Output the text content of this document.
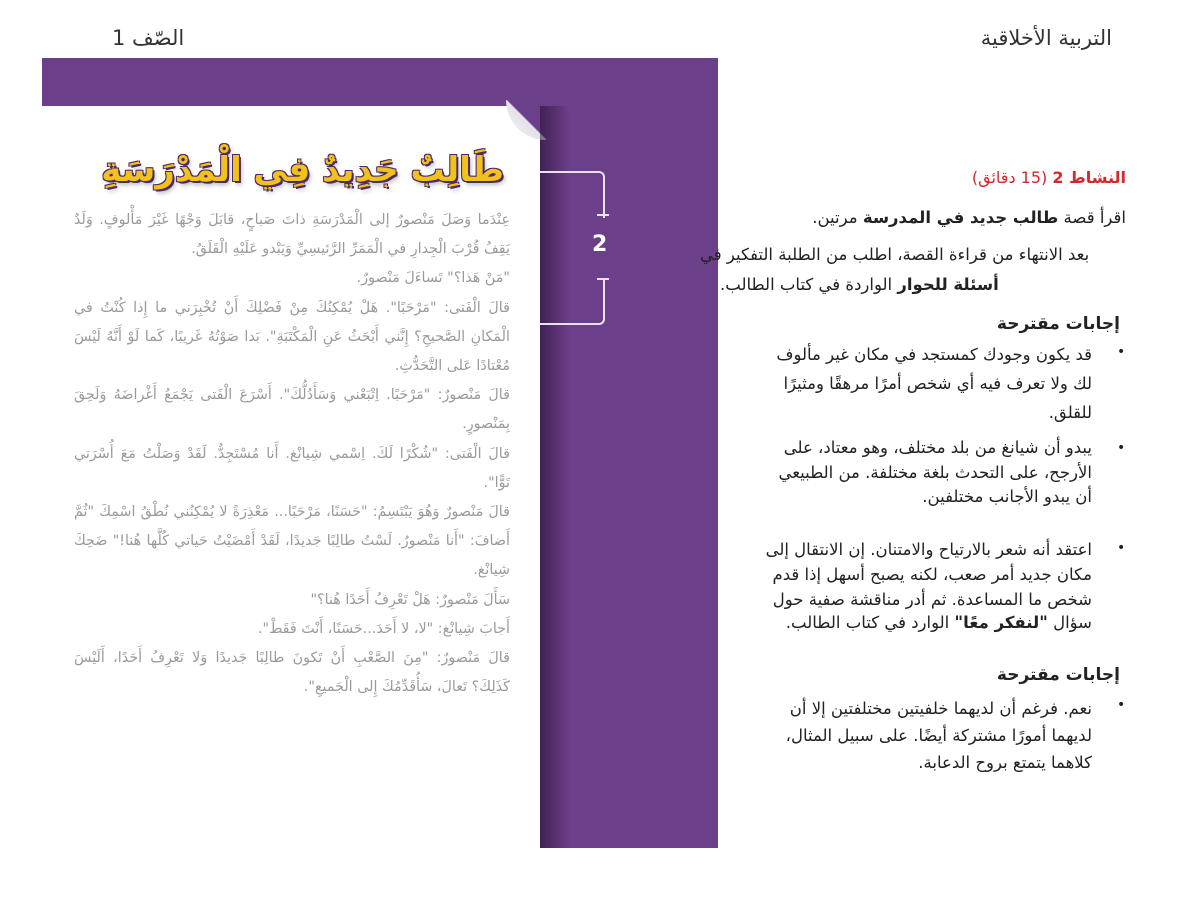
التربية الأخلاقية
الصّف 1
طَالِبٌ جَدِيدٌ فِي الْمَدْرَسَةِ

عِنْدَما وَصَلَ مَنْصورٌ إلى الْمَدْرَسَةِ ذاتَ صَباحٍ، قابَلَ وَجْهًا غَيْرَ مَأْلوفٍ. وَلَدٌ يَقِفُ قُرْبَ الْجِدارِ في الْمَمَرِّ الرَّئيسِيِّ وَيَبْدو عَلَيْهِ الْقَلَقُ.

"مَنْ هَذا؟" تَساءَلَ مَنْصورٌ.

قالَ الْفَتى: "مَرْحَبًا". هَلْ يُمْكِنُكَ مِنْ فَضْلِكَ أَنْ تُخْبِرَني ما إِذا كُنْتُ في الْمَكانِ الصَّحيحِ؟ إِنَّني أَبْحَثُ عَنِ الْمَكْتَبَةِ". بَدا صَوْتُهُ غَريبًا، كَما لَوْ أَنَّهُ لَيْسَ مُعْتادًا عَلى التَّحَدُّثِ.

قالَ مَنْصورٌ: "مَرْحَبًا. اِتْبَعْني وَسَأَدُلُّكَ". أَسْرَعَ الْفَتى يَجْمَعُ أَغْراضَهُ وَلَحِقَ بِمَنْصورٍ.

قالَ الْفَتى: "شُكْرًا لَكَ. اِسْمي شِيانْغ. أَنا مُسْتَجِدٌّ. لَقَدْ وَصَلْتُ مَعَ أُسْرَتي تَوًّا".

قالَ مَنْصورٌ وَهُوَ يَبْتَسِمُ: "حَسَنًا، مَرْحَبًا... مَعْذِرَةً لا يُمْكِنُني نُطْقُ اسْمِكَ "ثُمَّ أَضافَ: "أَنا مَنْصورٌ. لَسْتُ طالِبًا جَديدًا، لَقَدْ أَمْضَيْتُ حَياتي كُلَّها هُنا!" ضَحِكَ شِيانْغ.

سَأَلَ مَنْصورٌ: هَلْ تَعْرِفُ أَحَدًا هُنا؟"

أَجابَ شِيانْغ: "لا، لا أَحَدَ...حَسَنًا، أَنْتَ فَقَطْ".

قالَ مَنْصورٌ: "مِنَ الصَّعْبِ أَنْ تَكونَ طالِبًا جَديدًا وَلا تَعْرِفُ أَحَدًا، أَلَيْسَ كَذَلِكَ؟ تَعالَ، سَأُقَدِّمُكَ إِلى الْجَميعِ".

2
النشاط 2 (15 دقائق)
اقرأ قصة طالب جديد في المدرسة مرتين.
بعد الانتهاء من قراءة القصة، اطلب من الطلبة التفكير في
أسئلة للحوار الواردة في كتاب الطالب.
إجابات مقترحة
•
قد يكون وجودك كمستجد في مكان غير مألوف
لك ولا تعرف فيه أي شخص أمرًا مرهقًا ومثيرًا
للقلق.
•
يبدو أن شيانغ من بلد مختلف، وهو معتاد، على
الأرجح، على التحدث بلغة مختلفة. من الطبيعي
أن يبدو الأجانب مختلفين.
•
اعتقد أنه شعر بالارتياح والامتنان. إن الانتقال إلى
مكان جديد أمر صعب، لكنه يصبح أسهل إذا قدم
شخص ما المساعدة. ثم أدر مناقشة صفية حول
سؤال "لنفكر معًا" الوارد في كتاب الطالب.
إجابات مقترحة
•
نعم. فرغم أن لديهما خلفيتين مختلفتين إلا أن
لديهما أمورًا مشتركة أيضًا. على سبيل المثال،
كلاهما يتمتع بروح الدعابة.
